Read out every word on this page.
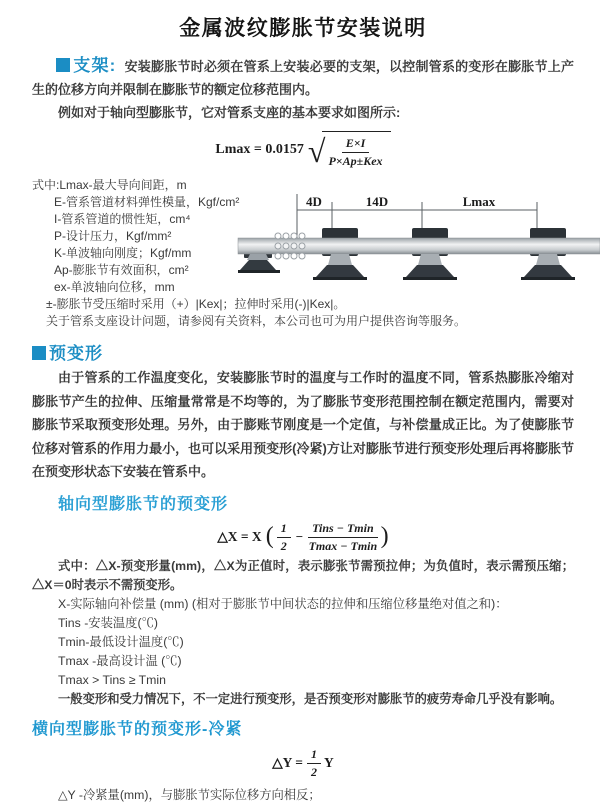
金属波纹膨胀节安装说明

支架: 安装膨胀节时必须在管系上安装必要的支架，以控制管系的变形在膨胀节上产生的位移方向并限制在膨胀节的额定位移范围内。

例如对于轴向型膨胀节，它对管系支座的基本要求如图所示:

Lmax = 0.0157 √ $\frac{E\times I}{\text{P×Ap±Kex}}$
式中:Lmax-最大导向间距，m
E-管系管道材料弹性模量，Kgf/cm²
I-管系管道的惯性矩，cm⁴
P-设计压力，Kgf/mm²
K-单波轴向刚度；Kgf/mm
Ap-膨胀节有效面积，cm²
ex-单波轴向位移，mm
±-膨胀节受压缩时采用（+）|Kex|；拉伸时采用(-)|Kex|。
关于管系支座设计问题，请参阅有关资料，本公司也可为用户提供咨询等服务。
预变形

由于管系的工作温度变化，安装膨胀节时的温度与工作时的温度不同，管系热膨胀冷缩对膨胀节产生的拉伸、压缩量常常是不均等的，为了膨胀节变形范围控制在额定范围内，需要对膨胀节采取预变形处理。另外，由于膨账节刚度是一个定值，与补偿量成正比。为了使膨胀节位移对管系的作用力最小，也可以采用预变形(冷紧)方让对膨胀节进行预变形处理后再将膨胀节在预变形状态下安装在管系中。

轴向型膨胀节的预变形
△X = X ( $\frac{1}{2} - \frac{\text{Tins − Tmin}}{Tmax - Tmin}$ )
式中：△X-预变形量(mm)，△X为正值时，表示膨张节需预拉伸；为负值时，表示需预压缩；△X＝0时表示不需预变形。
X-实际轴向补偿量 (mm) (相对于膨胀节中间状态的拉伸和压缩位移量绝对值之和)：
Tins -安装温度(℃)
Tmin-最低设计温度(℃)
Tmax -最高设计温 (℃)
Tmax > Tins ≥ Tmin
一般变形和受力情况下，不一定进行预变形，是否预变形对膨胀节的疲劳寿命几乎没有影响。
横向型膨胀节的预变形-冷紧
△Y = $\frac{1}{2}$ Y
△Y -冷紧量(mm)，与膨胀节实际位移方向相反；
4D	14D	Lmax
